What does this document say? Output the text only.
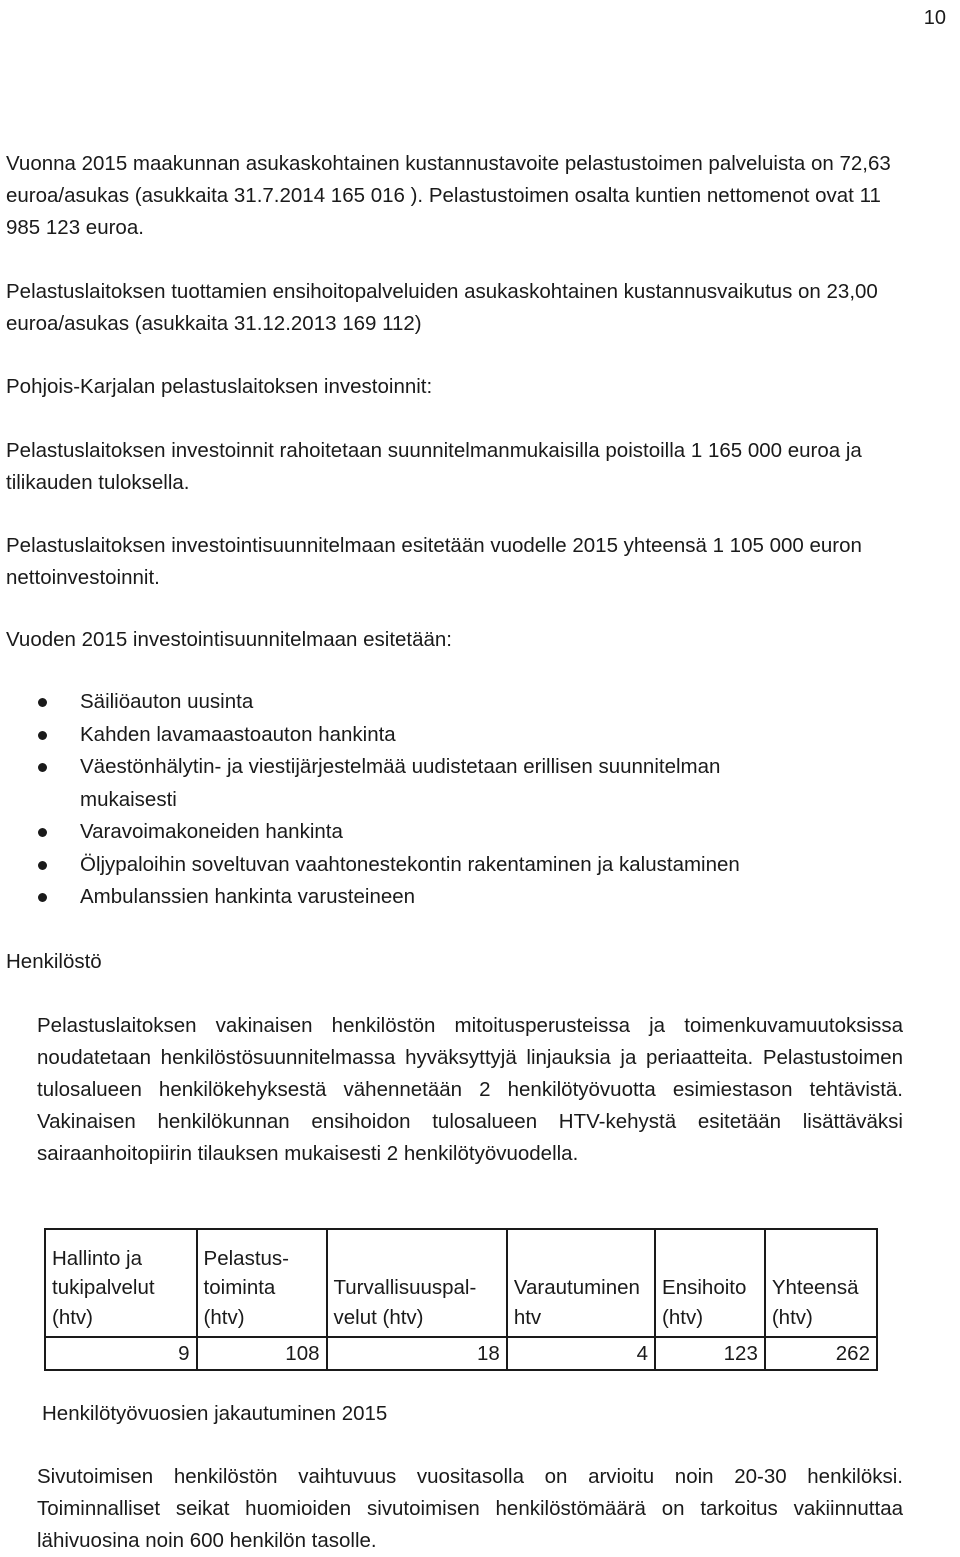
10

Vuonna 2015 maakunnan asukaskohtainen kustannustavoite pelastustoimen palveluista on 72,63 euroa/asukas (asukkaita 31.7.2014 165 016 ). Pelastustoimen osalta kuntien nettomenot ovat 11 985 123 euroa.

Pelastuslaitoksen tuottamien ensihoitopalveluiden asukaskohtainen kustannusvaikutus on 23,00 euroa/asukas (asukkaita 31.12.2013 169 112)

Pohjois-Karjalan pelastuslaitoksen investoinnit:

Pelastuslaitoksen investoinnit rahoitetaan suunnitelmanmukaisilla poistoilla 1 165 000 euroa ja tilikauden tuloksella.

Pelastuslaitoksen investointisuunnitelmaan esitetään vuodelle 2015 yhteensä 1 105 000 euron nettoinvestoinnit.

Vuoden 2015 investointisuunnitelmaan esitetään:

Säiliöauton uusinta
Kahden lavamaastoauton hankinta
Väestönhälytin- ja viestijärjestelmää uudistetaan erillisen suunnitelman mukaisesti
Varavoimakoneiden hankinta
Öljypaloihin soveltuvan vaahtonestekontin rakentaminen ja kalustaminen
Ambulanssien hankinta varusteineen

Henkilöstö

Pelastuslaitoksen vakinaisen henkilöstön mitoitusperusteissa ja toimenkuvamuutoksissa noudatetaan henkilöstösuunnitelmassa hyväksyttyjä linjauksia ja periaatteita. Pelastustoimen tulosalueen henkilökehyksestä vähennetään 2 henkilötyövuotta esimiestason tehtävistä. Vakinaisen henkilökunnan ensihoidon tulosalueen HTV-kehystä esitetään lisättäväksi sairaanhoitopiirin tilauksen mukaisesti 2 henkilötyövuodella.

Hallinto ja tukipalvelut (htv)	Pelastus- toiminta (htv)	Turvallisuuspal- velut (htv)	Varautuminen htv	Ensihoito (htv)	Yhteensä (htv)
9	108	18	4	123	262

Henkilötyövuosien jakautuminen 2015

Sivutoimisen henkilöstön vaihtuvuus vuositasolla on arvioitu noin 20-30 henkilöksi. Toiminnalliset seikat huomioiden sivutoimisen henkilöstömäärä on tarkoitus vakiinnuttaa lähivuosina noin 600 henkilön tasolle.
